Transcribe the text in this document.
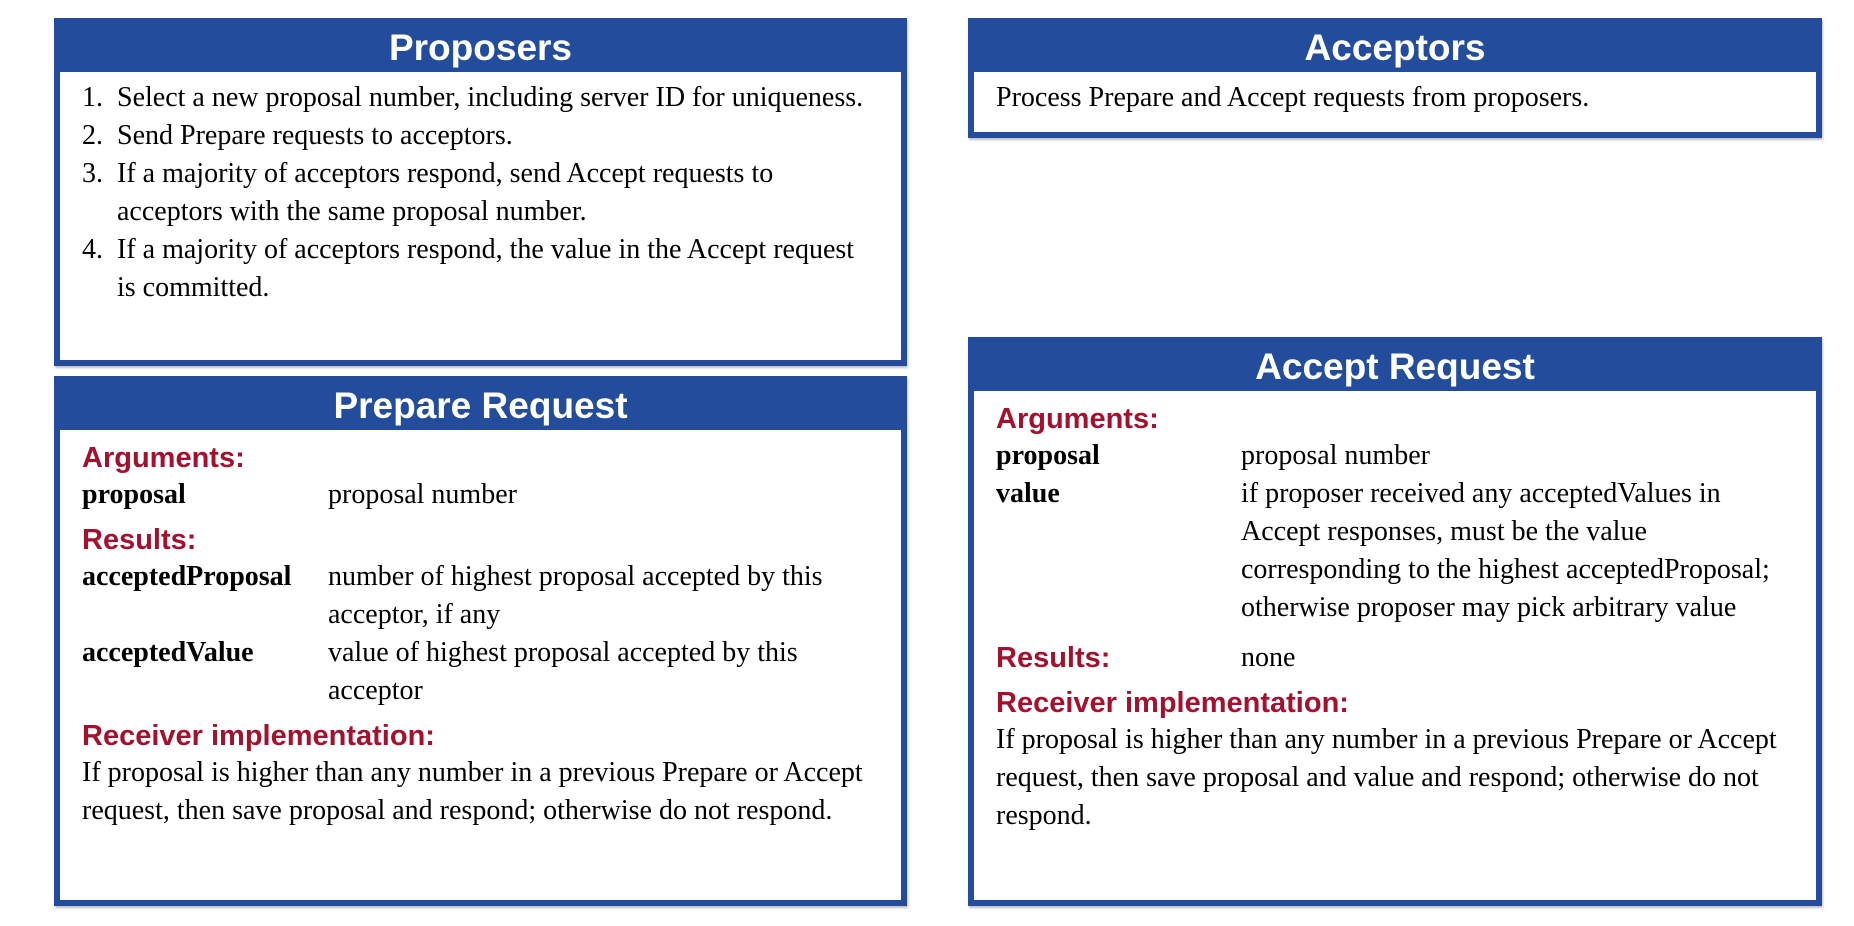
Proposers
1. Select a new proposal number, including server ID for uniqueness.
2. Send Prepare requests to acceptors.
3. If a majority of acceptors respond, send Accept requests to acceptors with the same proposal number.
4. If a majority of acceptors respond, the value in the Accept request is committed.
Acceptors
Process Prepare and Accept requests from proposers.
Prepare Request
Arguments:
proposal	proposal number
Results:
acceptedProposal	number of highest proposal accepted by this acceptor, if any
acceptedValue	value of highest proposal accepted by this acceptor
Receiver implementation:
If proposal is higher than any number in a previous Prepare or Accept request, then save proposal and respond; otherwise do not respond.
Accept Request
Arguments:
proposal	proposal number
value	if proposer received any acceptedValues in Accept responses, must be the value corresponding to the highest acceptedProposal; otherwise proposer may pick arbitrary value
Results:	none
Receiver implementation:
If proposal is higher than any number in a previous Prepare or Accept request, then save proposal and value and respond; otherwise do not respond.
